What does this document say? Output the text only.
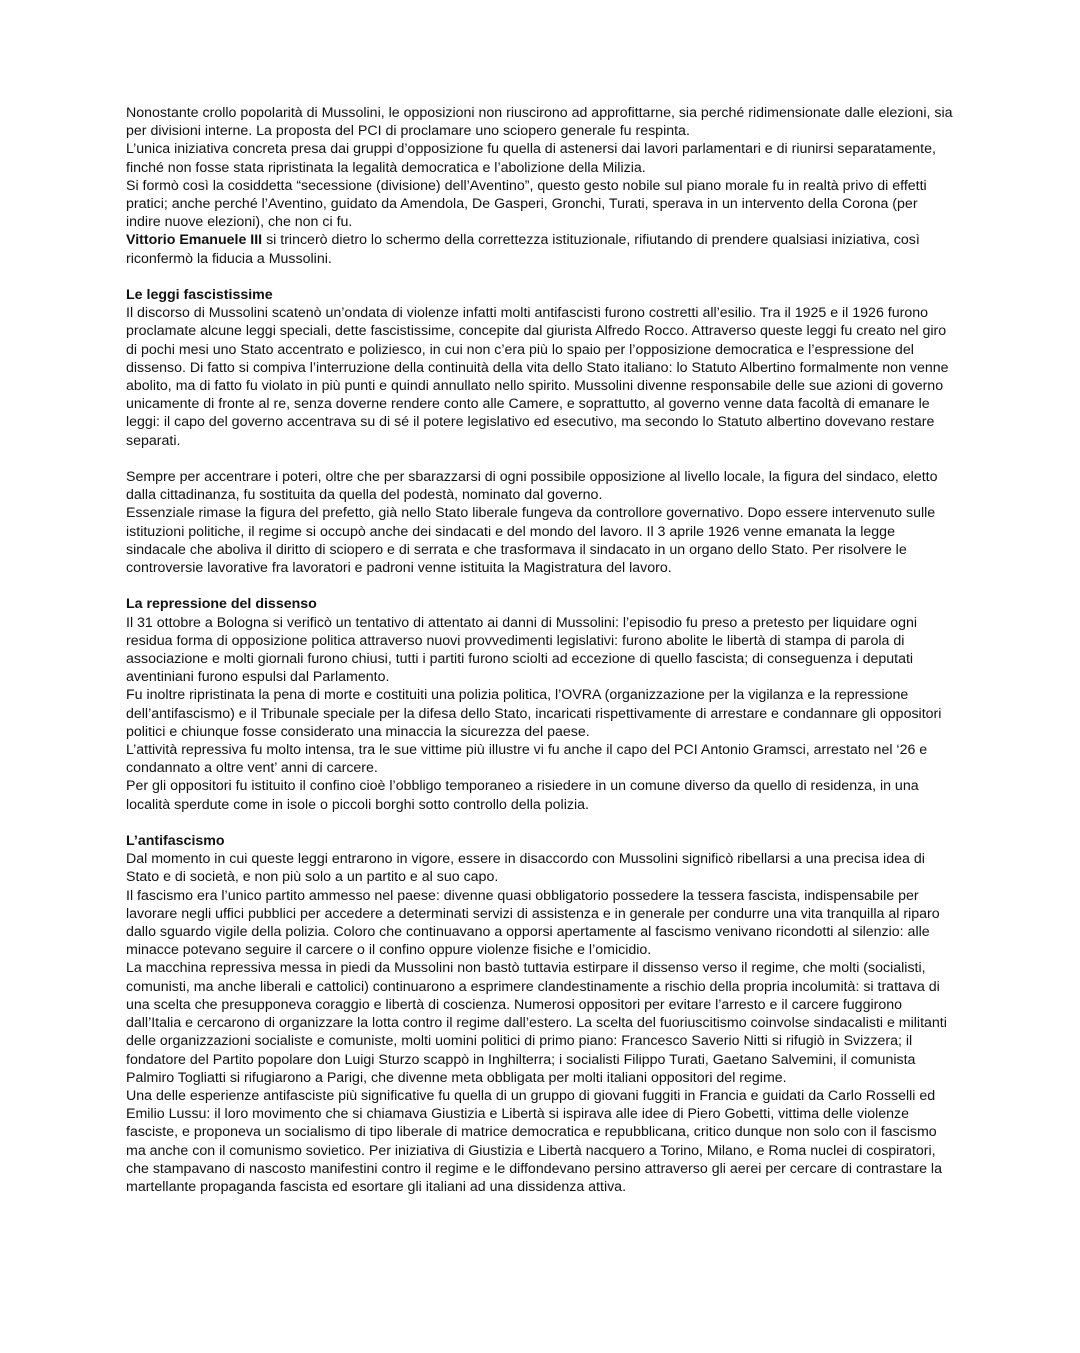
Nonostante crollo popolarità di Mussolini, le opposizioni non riuscirono ad approfittarne, sia perché ridimensionate dalle elezioni, sia per divisioni interne. La proposta del PCI di proclamare uno sciopero generale fu respinta.

L’unica iniziativa concreta presa dai gruppi d’opposizione fu quella di astenersi dai lavori parlamentari e di riunirsi separatamente, finché non fosse stata ripristinata la legalità democratica e l’abolizione della Milizia.

Si formò così la cosiddetta “secessione (divisione) dell’Aventino”, questo gesto nobile sul piano morale fu in realtà privo di effetti pratici; anche perché l’Aventino, guidato da Amendola, De Gasperi, Gronchi, Turati, sperava in un intervento della Corona (per indire nuove elezioni), che non ci fu.

Vittorio Emanuele III si trincerò dietro lo schermo della correttezza istituzionale, rifiutando di prendere qualsiasi iniziativa, così riconfermò la fiducia a Mussolini.

Le leggi fascistissime

Il discorso di Mussolini scatenò un’ondata di violenze infatti molti antifascisti furono costretti all’esilio. Tra il 1925 e il 1926 furono proclamate alcune leggi speciali, dette fascistissime, concepite dal giurista Alfredo Rocco. Attraverso queste leggi fu creato nel giro di pochi mesi uno Stato accentrato e poliziesco, in cui non c’era più lo spaio per l’opposizione democratica e l’espressione del dissenso. Di fatto si compiva l’interruzione della continuità della vita dello Stato italiano: lo Statuto Albertino formalmente non venne abolito, ma di fatto fu violato in più punti e quindi annullato nello spirito. Mussolini divenne responsabile delle sue azioni di governo unicamente di fronte al re, senza doverne rendere conto alle Camere, e soprattutto, al governo venne data facoltà di emanare le leggi: il capo del governo accentrava su di sé il potere legislativo ed esecutivo, ma secondo lo Statuto albertino dovevano restare separati.

Sempre per accentrare i poteri, oltre che per sbarazzarsi di ogni possibile opposizione al livello locale, la figura del sindaco, eletto dalla cittadinanza, fu sostituita da quella del podestà, nominato dal governo.

Essenziale rimase la figura del prefetto, già nello Stato liberale fungeva da controllore governativo. Dopo essere intervenuto sulle istituzioni politiche, il regime si occupò anche dei sindacati e del mondo del lavoro. Il 3 aprile 1926 venne emanata la legge sindacale che aboliva il diritto di sciopero e di serrata e che trasformava il sindacato in un organo dello Stato. Per risolvere le controversie lavorative fra lavoratori e padroni venne istituita la Magistratura del lavoro.

La repressione del dissenso

Il 31 ottobre a Bologna si verificò un tentativo di attentato ai danni di Mussolini: l’episodio fu preso a pretesto per liquidare ogni residua forma di opposizione politica attraverso nuovi provvedimenti legislativi: furono abolite le libertà di stampa di parola di associazione e molti giornali furono chiusi, tutti i partiti furono sciolti ad eccezione di quello fascista; di conseguenza i deputati aventiniani furono espulsi dal Parlamento.

Fu inoltre ripristinata la pena di morte e costituiti una polizia politica, l’OVRA (organizzazione per la vigilanza e la repressione dell’antifascismo) e il Tribunale speciale per la difesa dello Stato, incaricati rispettivamente di arrestare e condannare gli oppositori politici e chiunque fosse considerato una minaccia la sicurezza del paese.

L’attività repressiva fu molto intensa, tra le sue vittime più illustre vi fu anche il capo del PCI Antonio Gramsci, arrestato nel ‘26 e condannato a oltre vent’ anni di carcere.

Per gli oppositori fu istituito il confino cioè l’obbligo temporaneo a risiedere in un comune diverso da quello di residenza, in una località sperdute come in isole o piccoli borghi sotto controllo della polizia.

L’antifascismo

Dal momento in cui queste leggi entrarono in vigore, essere in disaccordo con Mussolini significò ribellarsi a una precisa idea di Stato e di società, e non più solo a un partito e al suo capo.

Il fascismo era l’unico partito ammesso nel paese: divenne quasi obbligatorio possedere la tessera fascista, indispensabile per lavorare negli uffici pubblici per accedere a determinati servizi di assistenza e in generale per condurre una vita tranquilla al riparo dallo sguardo vigile della polizia. Coloro che continuavano a opporsi apertamente al fascismo venivano ricondotti al silenzio: alle minacce potevano seguire il carcere o il confino oppure violenze fisiche e l’omicidio.

La macchina repressiva messa in piedi da Mussolini non bastò tuttavia estirpare il dissenso verso il regime, che molti (socialisti, comunisti, ma anche liberali e cattolici) continuarono a esprimere clandestinamente a rischio della propria incolumità: si trattava di una scelta che presupponeva coraggio e libertà di coscienza. Numerosi oppositori per evitare l’arresto e il carcere fuggirono dall’Italia e cercarono di organizzare la lotta contro il regime dall’estero. La scelta del fuoriuscitismo coinvolse sindacalisti e militanti delle organizzazioni socialiste e comuniste, molti uomini politici di primo piano: Francesco Saverio Nitti si rifugiò in Svizzera; il fondatore del Partito popolare don Luigi Sturzo scappò in Inghilterra; i socialisti Filippo Turati, Gaetano Salvemini, il comunista Palmiro Togliatti si rifugiarono a Parigi, che divenne meta obbligata per molti italiani oppositori del regime.

Una delle esperienze antifasciste più significative fu quella di un gruppo di giovani fuggiti in Francia e guidati da Carlo Rosselli ed Emilio Lussu: il loro movimento che si chiamava Giustizia e Libertà si ispirava alle idee di Piero Gobetti, vittima delle violenze fasciste, e proponeva un socialismo di tipo liberale di matrice democratica e repubblicana, critico dunque non solo con il fascismo ma anche con il comunismo sovietico. Per iniziativa di Giustizia e Libertà nacquero a Torino, Milano, e Roma nuclei di cospiratori, che stampavano di nascosto manifestini contro il regime e le diffondevano persino attraverso gli aerei per cercare di contrastare la martellante propaganda fascista ed esortare gli italiani ad una dissidenza attiva.
